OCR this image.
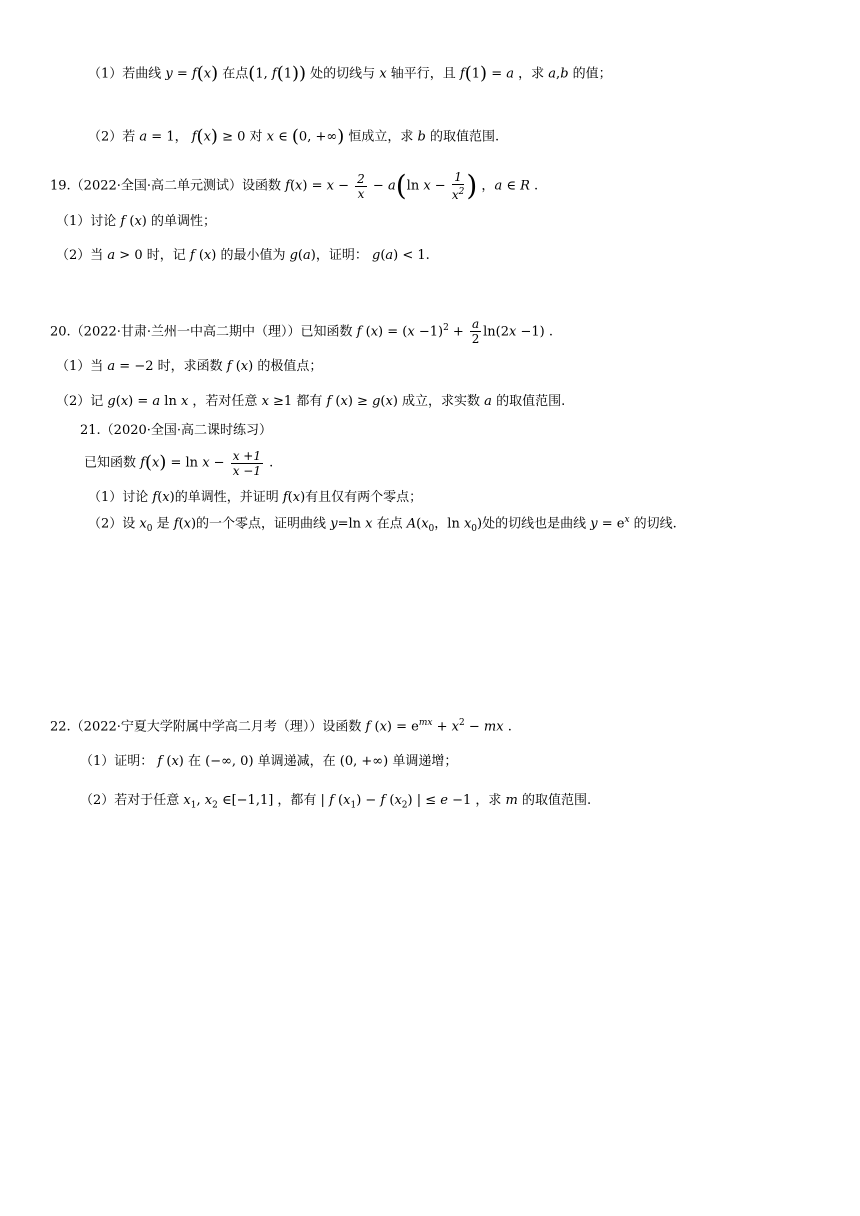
（1）若曲线 y = f(x) 在点(1, f(1)) 处的切线与 x 轴平行，且 f(1) = a ，求 a,b 的值；
（2）若 a = 1， f(x) ≥ 0 对 x ∈ (0, +∞) 恒成立，求 b 的取值范围.
19.（2022·全国·高二单元测试）设函数 $f(x) = x - \frac{2}{x} - a(\ln$ $x - \frac{1}{x^2}$ ) ，a ∈ R .
（1）讨论 f (x) 的单调性；
（2）当 a > 0 时，记 f (x) 的最小值为 g(a)，证明： g(a) < 1.
20.（2022·甘肃·兰州一中高二期中（理））已知函数 f $(x) = (x -1)^2 + \frac{a}{2} \ln(2x -1)$ .
（1）当 a = −2 时，求函数 f (x) 的极值点；
（2）记 g(x) = a ln x ，若对任意 x ≥1 都有 f (x) ≥ g(x) 成立，求实数 a 的取值范围.
21.（2020·全国·高二课时练习）
已知函数 $f(x) = \ln x - \frac{x +1}{x -1}$ .
（1）讨论 f(x)的单调性，并证明 f(x)有且仅有两个零点；
（2）设 $x_0$ 是 f(x)的一个零点，证明曲线 y=ln x 在点 $A(x_0$，$\ln x_0$)处的切线也是曲线 $y = e^x$ 的切线.
22.（2022·宁夏大学附属中学高二月考（理））设函数 f $(x) = e^{mx} + x^2$ − mx .
（1）证明： f (x) 在 (−∞, 0) 单调递减，在 (0, +∞) 单调递增；
（2）若对于任意 $x_1$, $x_2$ ∈[−1,1] ，都有 | f $(x_1) - f$ $(x_2)$ | ≤ e −1 ，求 m 的取值范围.
